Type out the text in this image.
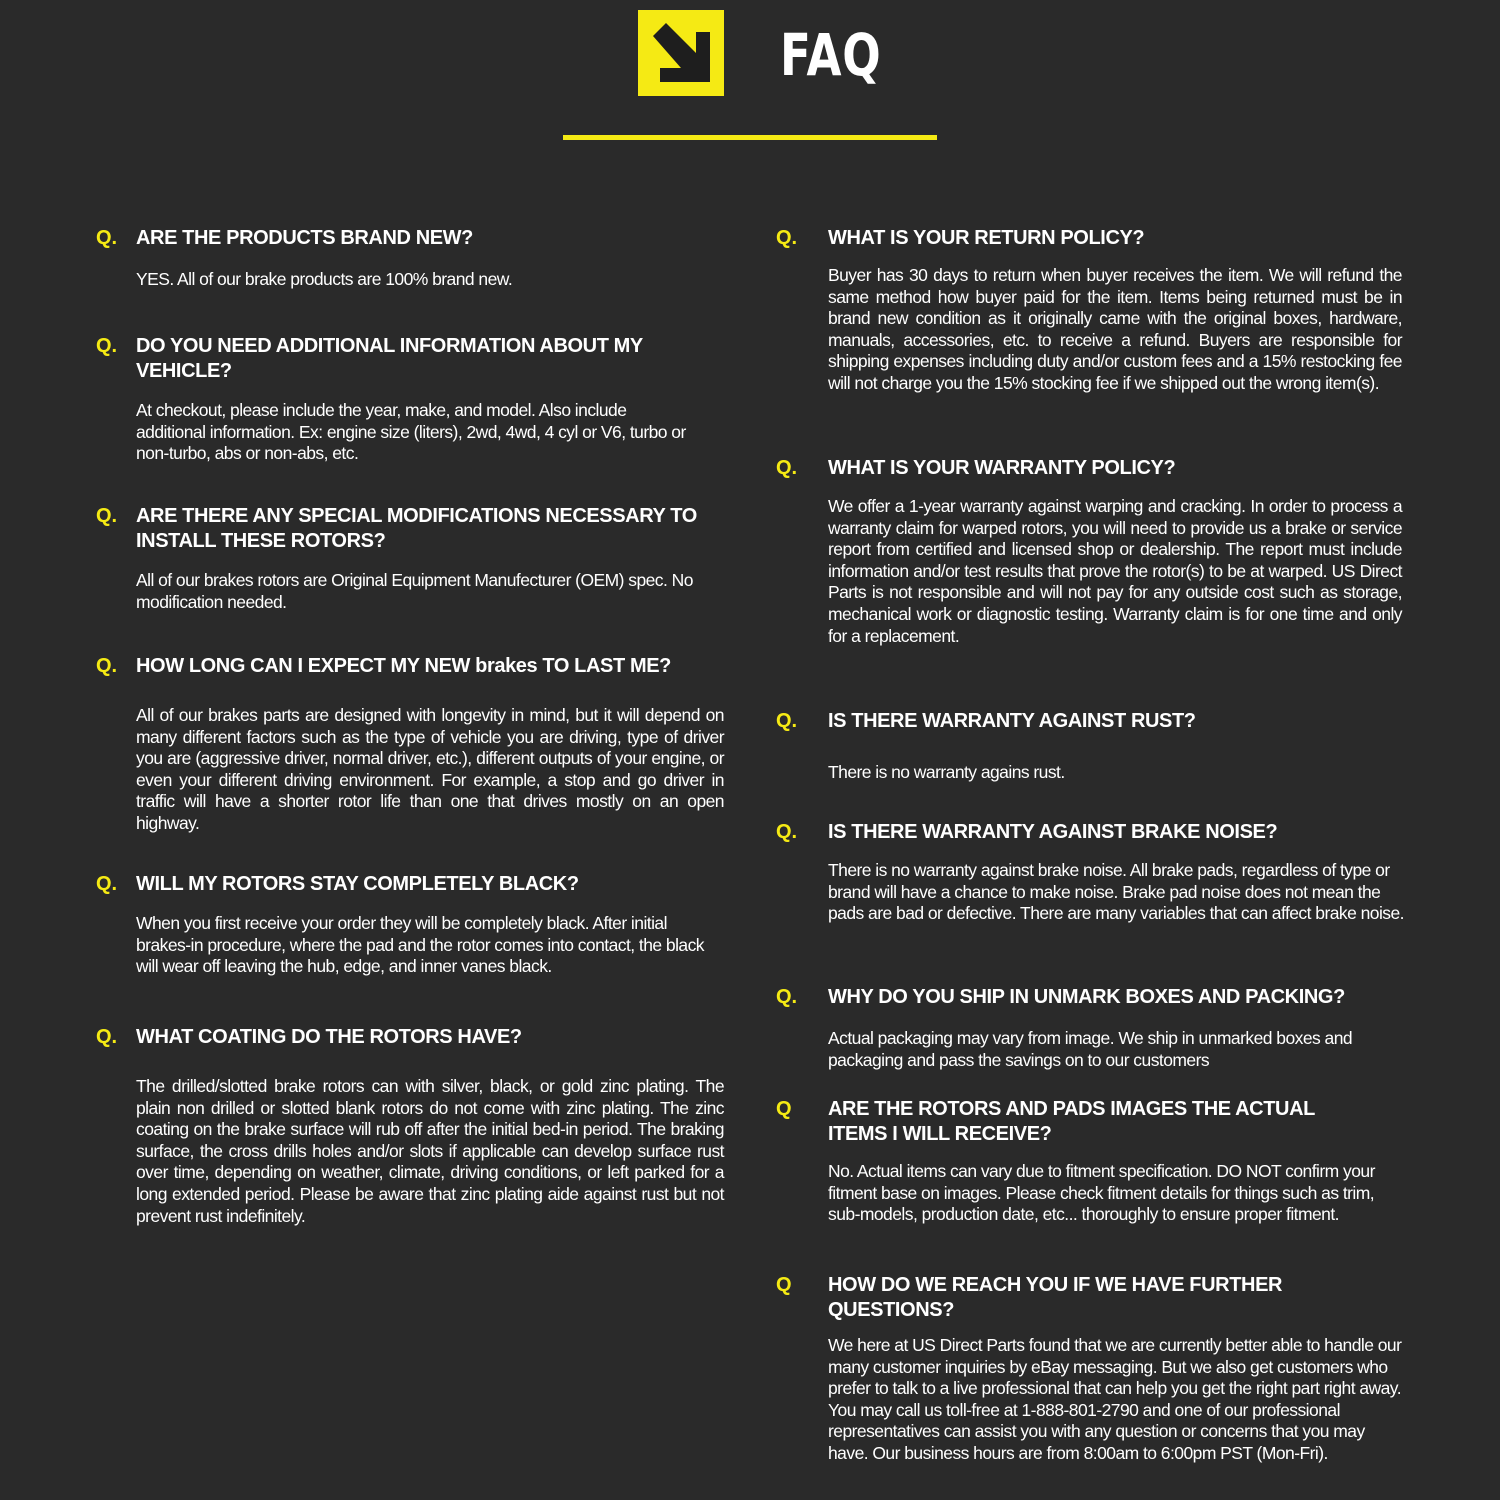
FAQ
Q. ARE THE PRODUCTS BRAND NEW?
YES. All of our brake products are 100% brand new.
Q. DO YOU NEED ADDITIONAL INFORMATION ABOUT MY VEHICLE?
At checkout, please include the year, make, and model. Also include additional information. Ex: engine size (liters), 2wd, 4wd, 4 cyl or V6, turbo or non-turbo, abs or non-abs, etc.
Q. ARE THERE ANY SPECIAL MODIFICATIONS NECESSARY TO INSTALL THESE ROTORS?
All of our brakes rotors are Original Equipment Manufecturer (OEM) spec. No modification needed.
Q. HOW LONG CAN I EXPECT MY NEW brakes TO LAST ME?
All of our brakes parts are designed with longevity in mind, but it will depend on many different factors such as the type of vehicle you are driving, type of driver you are (aggressive driver, normal driver, etc.), different outputs of your engine, or even your different driving environment. For example, a stop and go driver in traffic will have a shorter rotor life than one that drives mostly on an open highway.
Q. WILL MY ROTORS STAY COMPLETELY BLACK?
When you first receive your order they will be completely black. After initial brakes-in procedure, where the pad and the rotor comes into contact, the black will wear off leaving the hub, edge, and inner vanes black.
Q. WHAT COATING DO THE ROTORS HAVE?
The drilled/slotted brake rotors can with silver, black, or gold zinc plating. The plain non drilled or slotted blank rotors do not come with zinc plating. The zinc coating on the brake surface will rub off after the initial bed-in period. The braking surface, the cross drills holes and/or slots if applicable can develop surface rust over time, depending on weather, climate, driving conditions, or left parked for a long extended period. Please be aware that zinc plating aide against rust but not prevent rust indefinitely.
Q. WHAT IS YOUR RETURN POLICY?
Buyer has 30 days to return when buyer receives the item. We will refund the same method how buyer paid for the item. Items being returned must be in brand new condition as it originally came with the original boxes, hardware, manuals, accessories, etc. to receive a refund. Buyers are responsible for shipping expenses including duty and/or custom fees and a 15% restocking fee will not charge you the 15% stocking fee if we shipped out the wrong item(s).
Q. WHAT IS YOUR WARRANTY POLICY?
We offer a 1-year warranty against warping and cracking. In order to process a warranty claim for warped rotors, you will need to provide us a brake or service report from certified and licensed shop or dealership. The report must include information and/or test results that prove the rotor(s) to be at warped. US Direct Parts is not responsible and will not pay for any outside cost such as storage, mechanical work or diagnostic testing. Warranty claim is for one time and only for a replacement.
Q. IS THERE WARRANTY AGAINST RUST?
There is no warranty agains rust.
Q. IS THERE WARRANTY AGAINST BRAKE NOISE?
There is no warranty against brake noise. All brake pads, regardless of type or brand will have a chance to make noise. Brake pad noise does not mean the pads are bad or defective. There are many variables that can affect brake noise.
Q. WHY DO YOU SHIP IN UNMARK BOXES AND PACKING?
Actual packaging may vary from image. We ship in unmarked boxes and packaging and pass the savings on to our customers
Q ARE THE ROTORS AND PADS IMAGES THE ACTUAL ITEMS I WILL RECEIVE?
No. Actual items can vary due to fitment specification. DO NOT confirm your fitment base on images. Please check fitment details for things such as trim, sub-models, production date, etc... thoroughly to ensure proper fitment.
Q HOW DO WE REACH YOU IF WE HAVE FURTHER QUESTIONS?
We here at US Direct Parts found that we are currently better able to handle our many customer inquiries by eBay messaging. But we also get customers who prefer to talk to a live professional that can help you get the right part right away. You may call us toll-free at 1-888-801-2790 and one of our professional representatives can assist you with any question or concerns that you may have. Our business hours are from 8:00am to 6:00pm PST (Mon-Fri).
